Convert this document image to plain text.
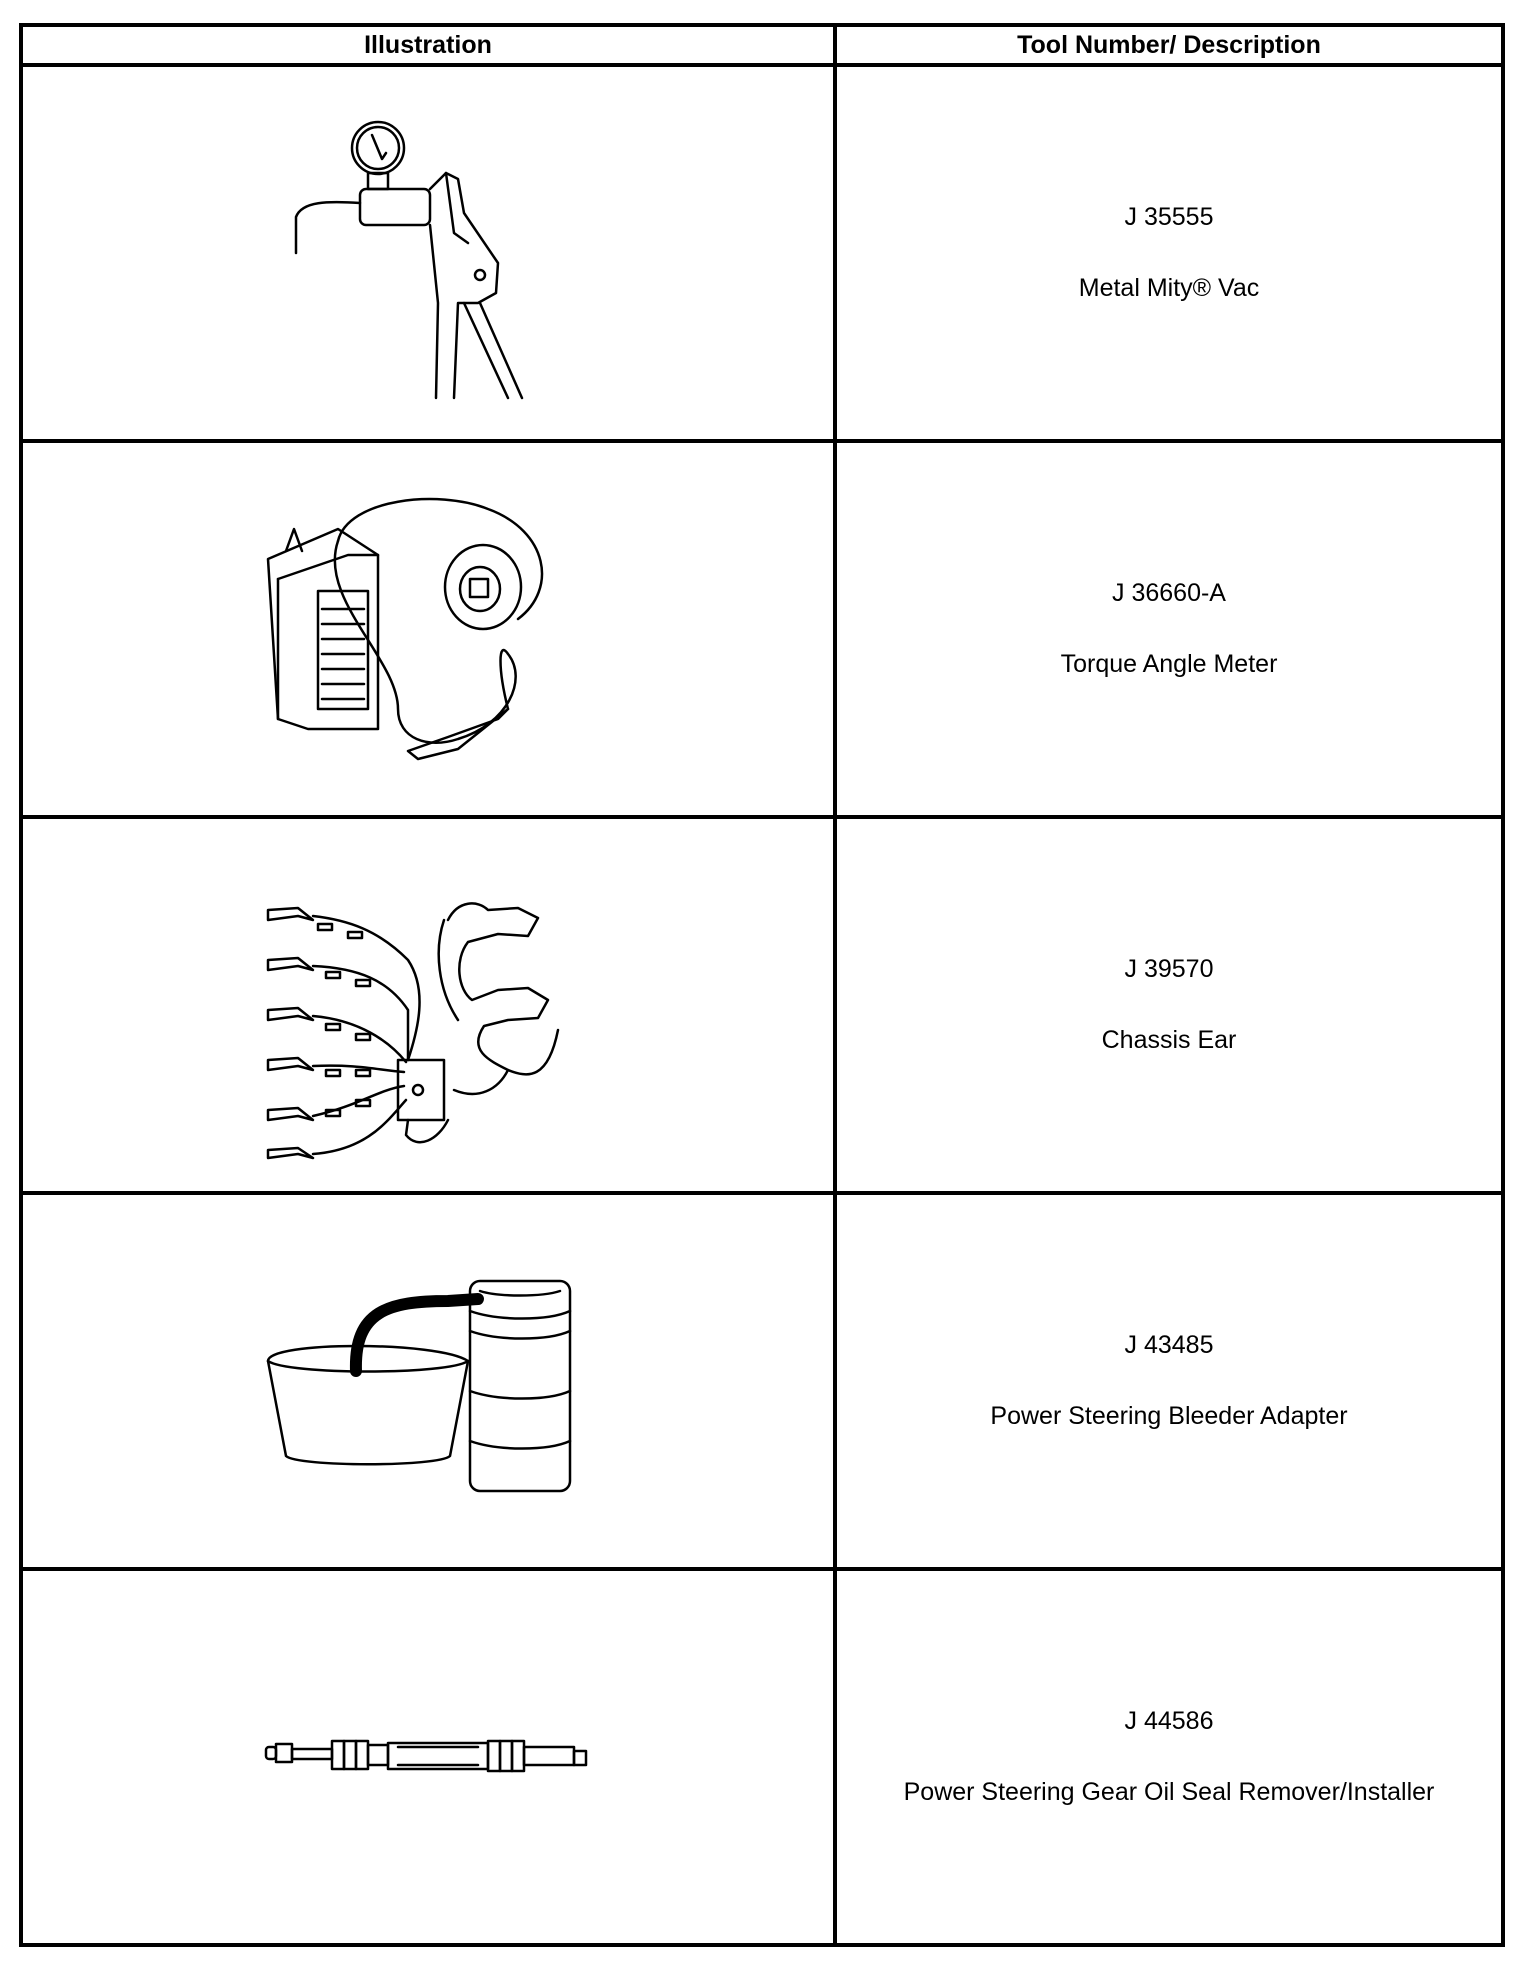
Illustration	Tool Number/ Description

J 35555
Metal Mity® Vac

J 36660-A
Torque Angle Meter

J 39570
Chassis Ear

J 43485
Power Steering Bleeder Adapter

J 44586
Power Steering Gear Oil Seal Remover/Installer
